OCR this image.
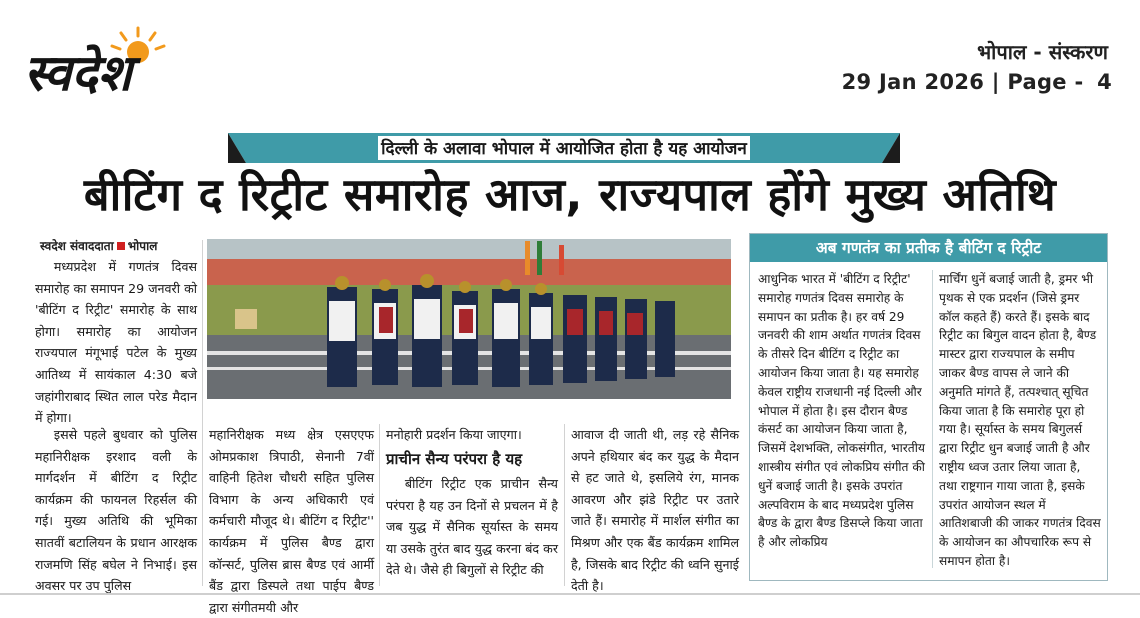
स्वदेश	भोपाल - संस्करण
29 Jan 2026 | Page - 4
दिल्ली के अलावा भोपाल में आयोजित होता है यह आयोजन
बीटिंग द रिट्रीट समारोह आज, राज्यपाल होंगे मुख्य अतिथि
स्वदेश संवाददाता भोपाल

मध्यप्रदेश में गणतंत्र दिवस समारोह का समापन 29 जनवरी को 'बीटिंग द रिट्रीट' समारोह के साथ होगा। समारोह का आयोजन राज्यपाल मंगूभाई पटेल के मुख्य आतिथ्य में सायंकाल 4:30 बजे जहांगीराबाद स्थित लाल परेड मैदान में होगा।

इससे पहले बुधवार को पुलिस महानिरीक्षक इरशाद वली के मार्गदर्शन में बीटिंग द रिट्रीट कार्यक्रम की फायनल रिहर्सल की गई। मुख्य अतिथि की भूमिका सातवीं बटालियन के प्रधान आरक्षक राजमणि सिंह बघेल ने निभाई। इस अवसर पर उप पुलिस

महानिरीक्षक मध्य क्षेत्र एसएएफ ओमप्रकाश त्रिपाठी, सेनानी 7वीं वाहिनी हितेश चौधरी सहित पुलिस विभाग के अन्य अधिकारी एवं कर्मचारी मौजूद थे। बीटिंग द रिट्रीट'' कार्यक्रम में पुलिस बैण्ड द्वारा कॉन्सर्ट, पुलिस ब्रास बैण्ड एवं आर्मी बैंड द्वारा डिस्पले तथा पाईप बैण्ड द्वारा संगीतमयी और

मनोहारी प्रदर्शन किया जाएगा।

प्राचीन सैन्य परंपरा है यह

बीटिंग रिट्रीट एक प्राचीन सैन्य परंपरा है यह उन दिनों से प्रचलन में है जब युद्ध में सैनिक सूर्यास्त के समय या उसके तुरंत बाद युद्ध करना बंद कर देते थे। जैसे ही बिगुलों से रिट्रीट की

आवाज दी जाती थी, लड़ रहे सैनिक अपने हथियार बंद कर युद्ध के मैदान से हट जाते थे, इसलिये रंग, मानक आवरण और झंडे रिट्रीट पर उतारे जाते हैं। समारोह में मार्शल संगीत का मिश्रण और एक बैंड कार्यक्रम शामिल है, जिसके बाद रिट्रीट की ध्वनि सुनाई देती है।

अब गणतंत्र का प्रतीक है बीटिंग द रिट्रीट
आधुनिक भारत में 'बीटिंग द रिट्रीट' समारोह गणतंत्र दिवस समारोह के समापन का प्रतीक है। हर वर्ष 29 जनवरी की शाम अर्थात गणतंत्र दिवस के तीसरे दिन बीटिंग द रिट्रीट का आयोजन किया जाता है। यह समारोह केवल राष्ट्रीय राजधानी नई दिल्ली और भोपाल में होता है। इस दौरान बैण्ड कंसर्ट का आयोजन किया जाता है, जिसमें देशभक्ति, लोकसंगीत, भारतीय शास्त्रीय संगीत एवं लोकप्रिय संगीत की धुनें बजाई जाती है। इसके उपरांत अल्पविराम के बाद मध्यप्रदेश पुलिस बैण्ड के द्वारा बैण्ड डिसप्ले किया जाता है और लोकप्रिय
मार्चिंग धुनें बजाई जाती है, ड्रमर भी पृथक से एक प्रदर्शन (जिसे ड्रमर कॉल कहते हैं) करते हैं। इसके बाद रिट्रीट का बिगुल वादन होता है, बैण्ड मास्टर द्वारा राज्यपाल के समीप जाकर बैण्ड वापस ले जाने की अनुमति मांगते हैं, तत्पश्चात् सूचित किया जाता है कि समारोह पूरा हो गया है। सूर्यास्त के समय बिगुलर्स द्वारा रिट्रीट धुन बजाई जाती है और राष्ट्रीय ध्वज उतार लिया जाता है, तथा राष्ट्रगान गाया जाता है, इसके उपरांत आयोजन स्थल में आतिशबाजी की जाकर गणतंत्र दिवस के आयोजन का औपचारिक रूप से समापन होता है।
